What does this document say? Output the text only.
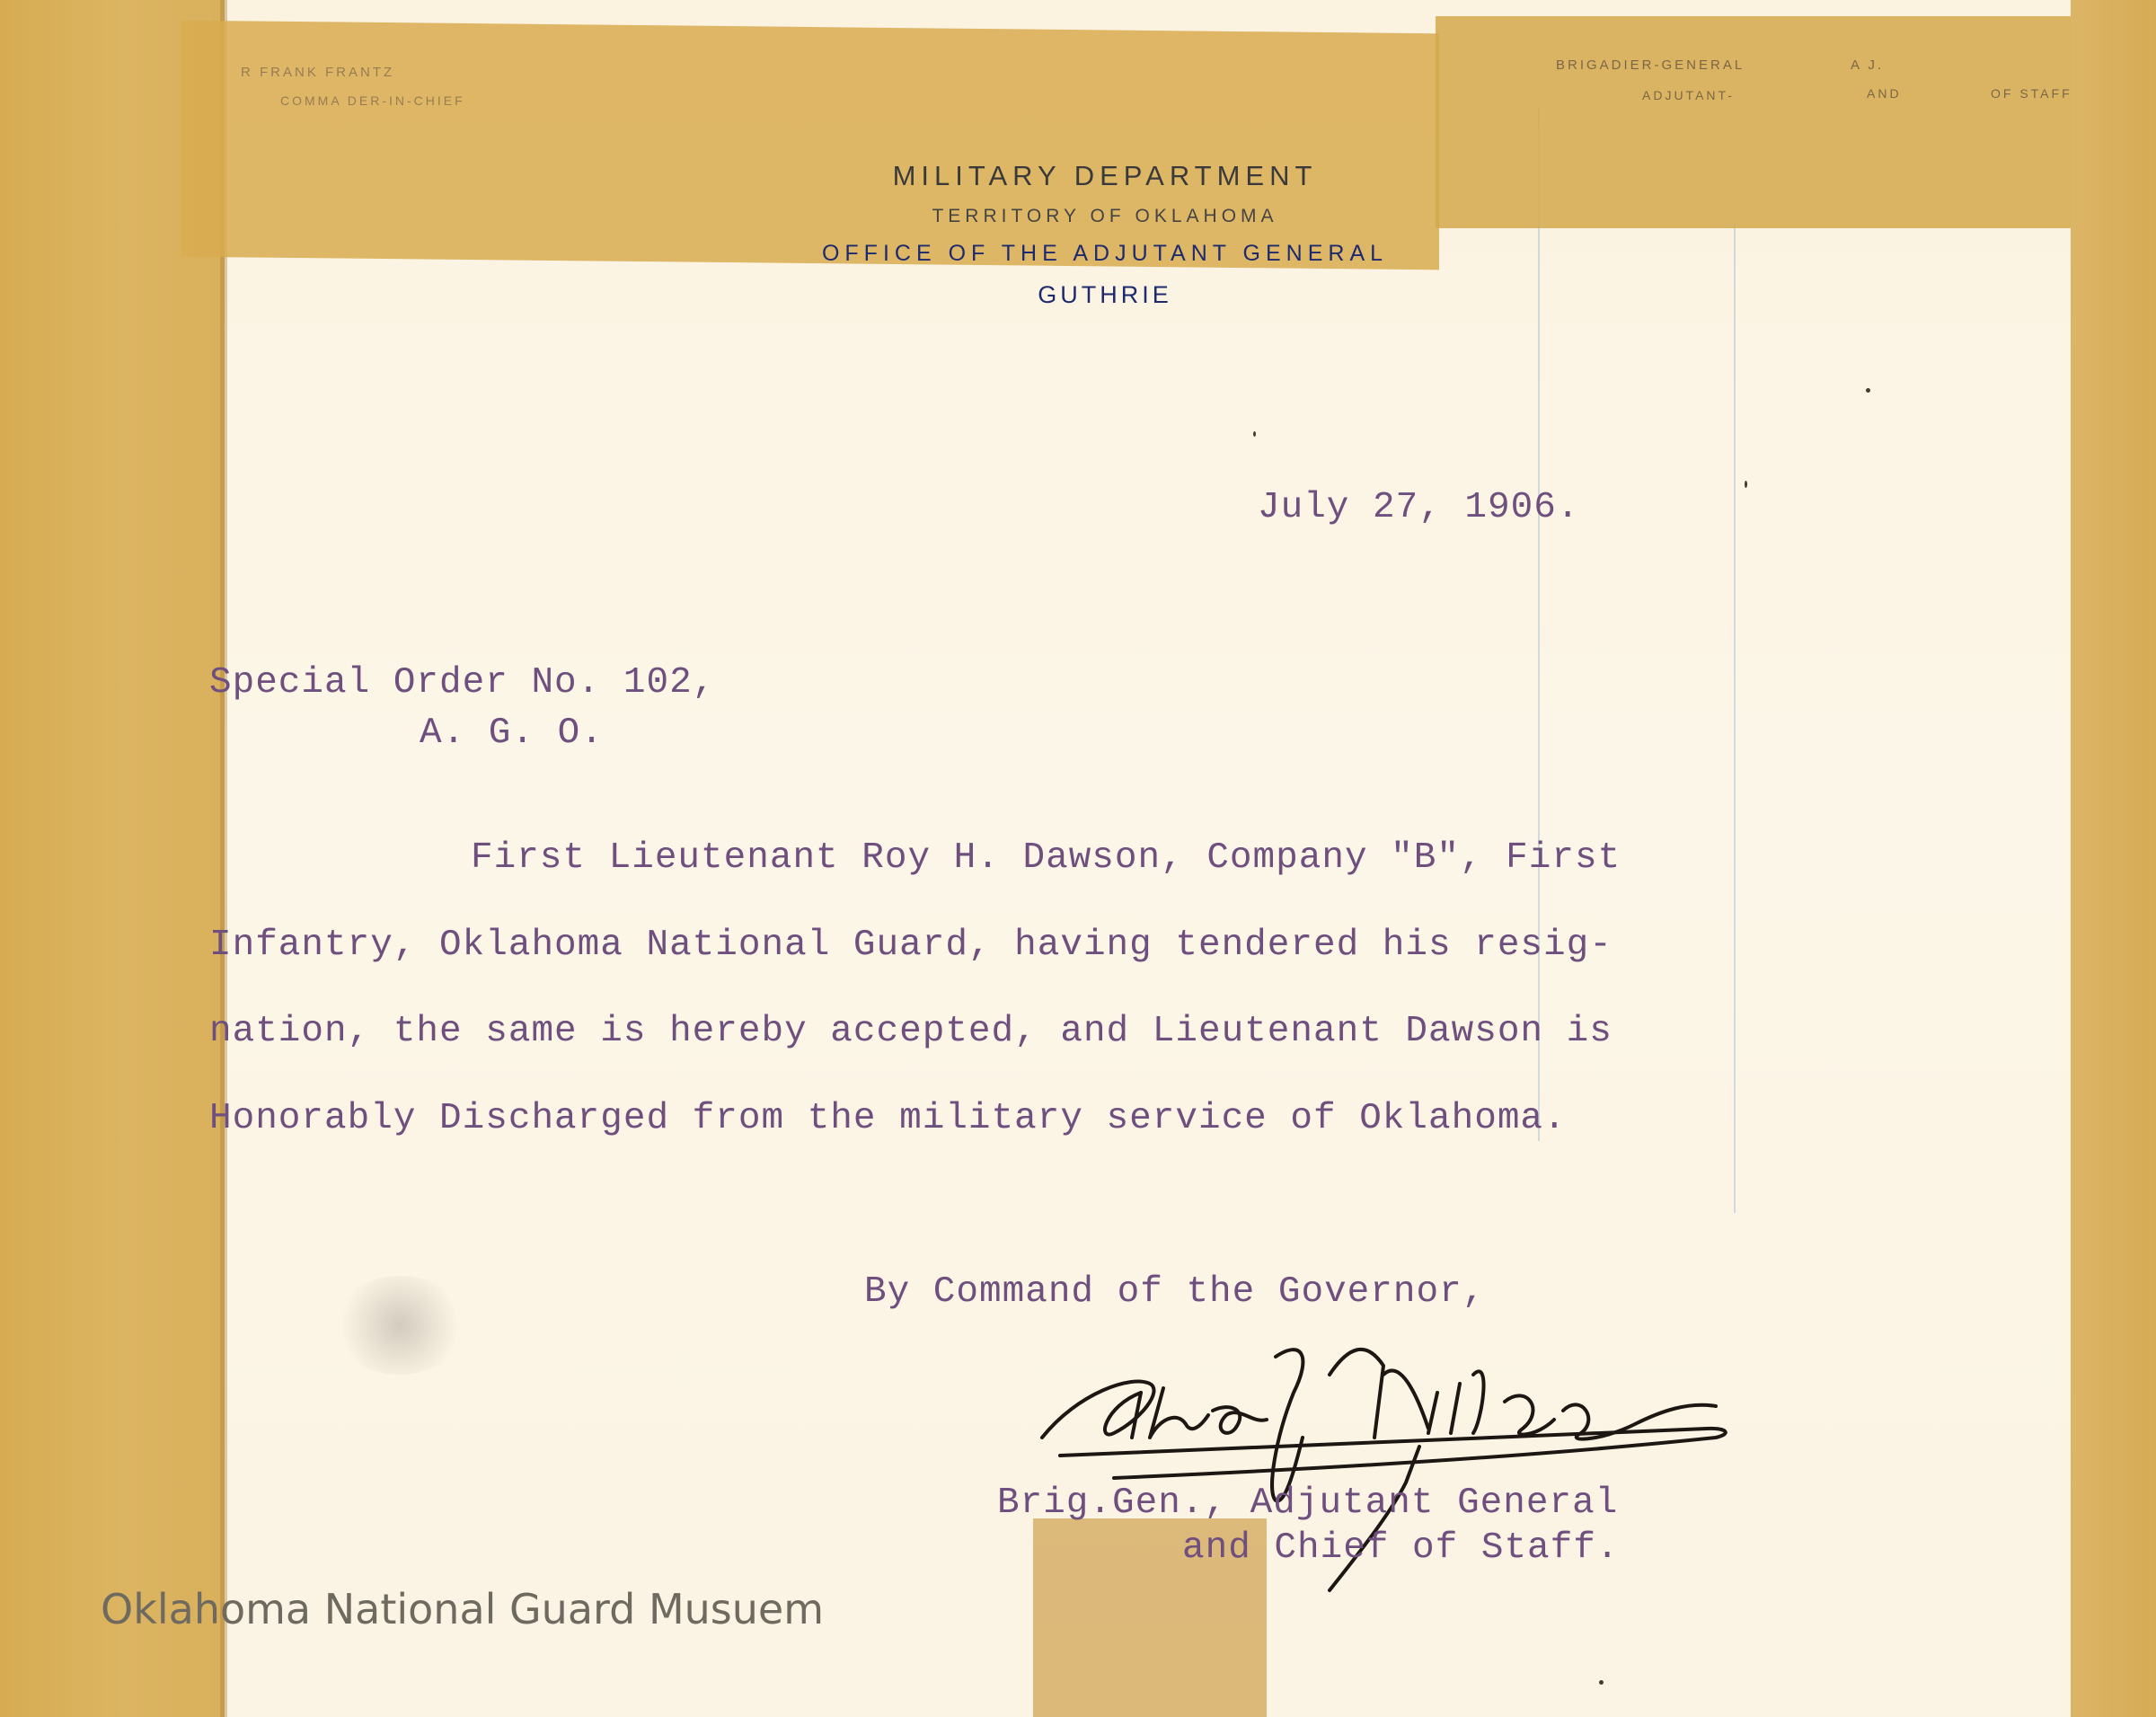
R FRANK FRANTZ
COMMA DER-IN-CHIEF
BRIGADIER-GENERAL	A J.
ADJUTANT-	AND	OF STAFF
MILITARY DEPARTMENT
TERRITORY OF OKLAHOMA
OFFICE OF THE ADJUTANT GENERAL
GUTHRIE
July 27, 1906.
Special Order No. 102,
A. G. O.
First Lieutenant Roy H. Dawson, Company "B", First
Infantry, Oklahoma National Guard, having tendered his resig-
nation, the same is hereby accepted, and Lieutenant Dawson is
Honorably Discharged from the military service of Oklahoma.
By Command of the Governor,
Brig.Gen., Adjutant General
and Chief of Staff.
Oklahoma National Guard Musuem
